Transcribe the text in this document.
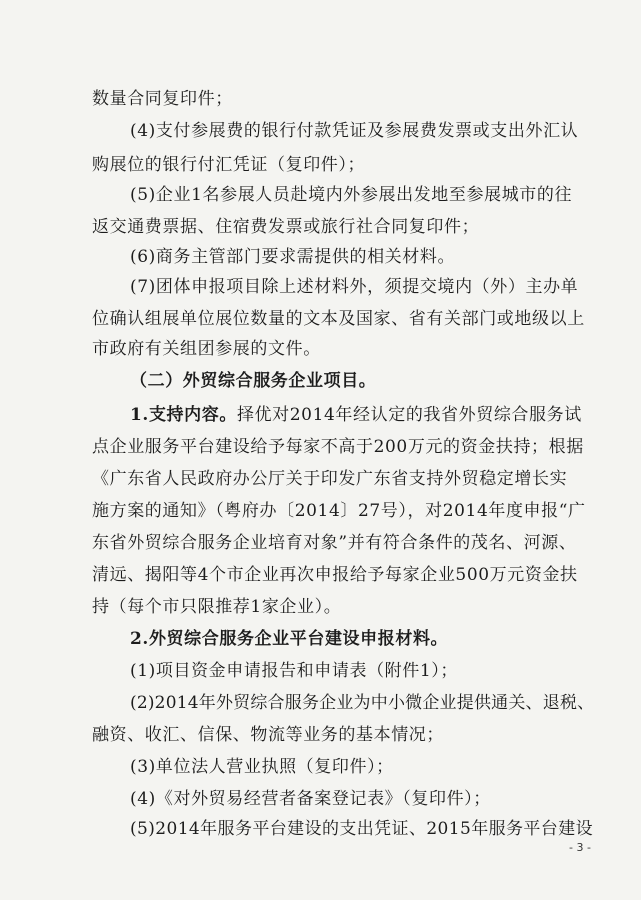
数量合同复印件；
(4)支付参展费的银行付款凭证及参展费发票或支出外汇认
购展位的银行付汇凭证（复印件）；
(5)企业1名参展人员赴境内外参展出发地至参展城市的往
返交通费票据、住宿费发票或旅行社合同复印件；
(6)商务主管部门要求需提供的相关材料。
(7)团体申报项目除上述材料外，须提交境内（外）主办单
位确认组展单位展位数量的文本及国家、省有关部门或地级以上
市政府有关组团参展的文件。
（二）外贸综合服务企业项目。
1.支持内容。择优对2014年经认定的我省外贸综合服务试
点企业服务平台建设给予每家不高于200万元的资金扶持；根据
《广东省人民政府办公厅关于印发广东省支持外贸稳定增长实
施方案的通知》（粤府办〔2014〕27号），对2014年度申报“广
东省外贸综合服务企业培育对象”并有符合条件的茂名、河源、
清远、揭阳等4个市企业再次申报给予每家企业500万元资金扶
持（每个市只限推荐1家企业）。
2.外贸综合服务企业平台建设申报材料。
(1)项目资金申请报告和申请表（附件1）；
(2)2014年外贸综合服务企业为中小微企业提供通关、退税、
融资、收汇、信保、物流等业务的基本情况；
(3)单位法人营业执照（复印件）；
(4)《对外贸易经营者备案登记表》（复印件）；
(5)2014年服务平台建设的支出凭证、2015年服务平台建设
- 3 -
